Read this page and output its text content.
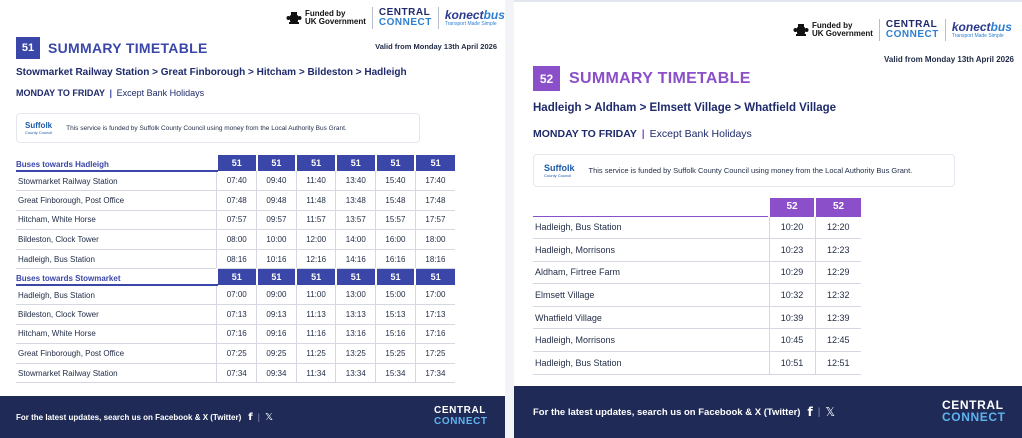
Funded by
UK Government
CENTRAL
CONNECT
konectbus
Transport Made Simple
51 SUMMARY TIMETABLE	Valid from Monday 13th April 2026
Stowmarket Railway Station > Great Finborough > Hitcham > Bildeston > Hadleigh
MONDAY TO FRIDAY | Except Bank Holidays
Suffolk
County Council
This service is funded by Suffolk County Council using money from the Local Authority Bus Grant.
Buses towards Hadleigh	51	51	51	51	51	51
Stowmarket Railway Station	07:40	09:40	11:40	13:40	15:40	17:40
Great Finborough, Post Office	07:48	09:48	11:48	13:48	15:48	17:48
Hitcham, White Horse	07:57	09:57	11:57	13:57	15:57	17:57
Bildeston, Clock Tower	08:00	10:00	12:00	14:00	16:00	18:00
Hadleigh, Bus Station	08:16	10:16	12:16	14:16	16:16	18:16
Buses towards Stowmarket	51	51	51	51	51	51
Hadleigh, Bus Station	07:00	09:00	11:00	13:00	15:00	17:00
Bildeston, Clock Tower	07:13	09:13	11:13	13:13	15:13	17:13
Hitcham, White Horse	07:16	09:16	11:16	13:16	15:16	17:16
Great Finborough, Post Office	07:25	09:25	11:25	13:25	15:25	17:25
Stowmarket Railway Station	07:34	09:34	11:34	13:34	15:34	17:34
For the latest updates, search us on Facebook & X (Twitter) f | 𝕏
CENTRAL
CONNECT
Funded by
UK Government
CENTRAL
CONNECT
konectbus
Transport Made Simple
Valid from Monday 13th April 2026
52 SUMMARY TIMETABLE
Hadleigh > Aldham > Elmsett Village > Whatfield Village
MONDAY TO FRIDAY | Except Bank Holidays
Suffolk
County Council	This service is funded by Suffolk County Council using money from the Local Authority Bus Grant.
	52	52
Hadleigh, Bus Station	10:20	12:20
Hadleigh, Morrisons	10:23	12:23
Aldham, Firtree Farm	10:29	12:29
Elmsett Village	10:32	12:32
Whatfield Village	10:39	12:39
Hadleigh, Morrisons	10:45	12:45
Hadleigh, Bus Station	10:51	12:51
For the latest updates, search us on Facebook & X (Twitter) f | 𝕏	CENTRAL
CONNECT
